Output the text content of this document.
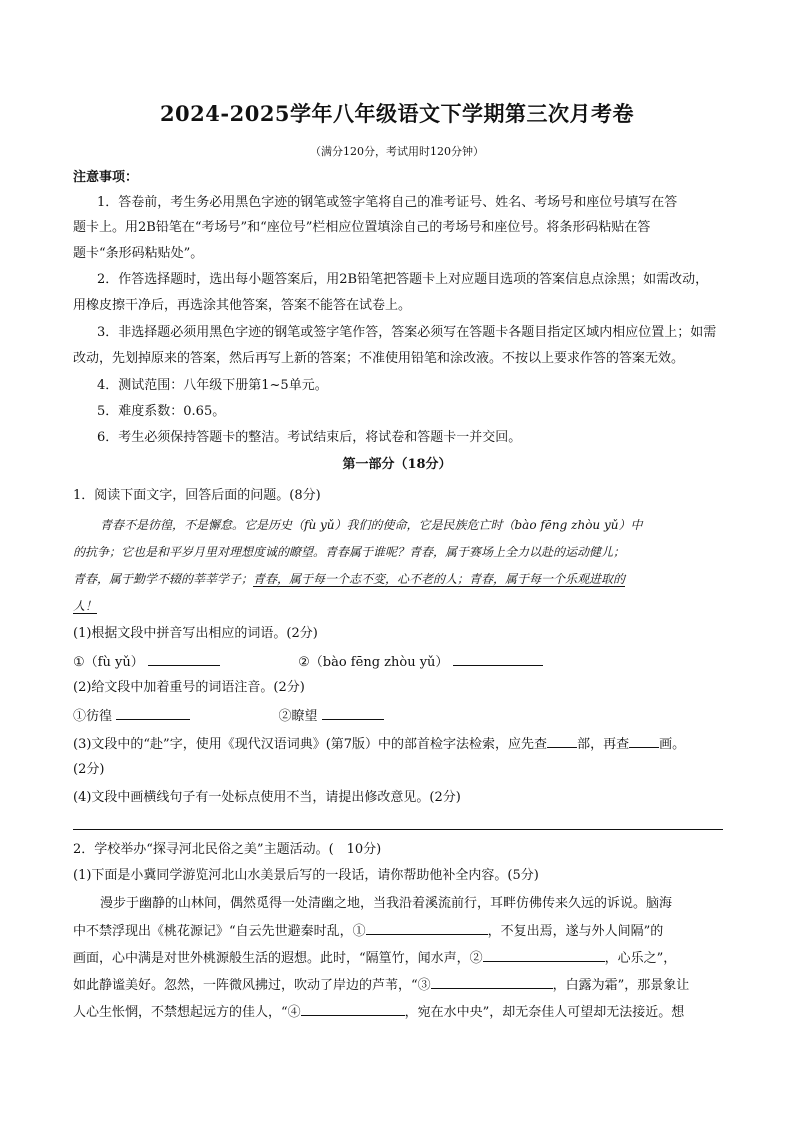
2024-2025学年八年级语文下学期第三次月考卷
（满分120分，考试用时120分钟）
注意事项：
1．答卷前，考生务必用黑色字迹的钢笔或签字笔将自己的准考证号、姓名、考场号和座位号填写在答
题卡上。用2B铅笔在“考场号”和“座位号”栏相应位置填涂自己的考场号和座位号。将条形码粘贴在答
题卡“条形码粘贴处”。
2．作答选择题时，选出每小题答案后，用2B铅笔把答题卡上对应题目选项的答案信息点涂黑；如需改动，
用橡皮擦干净后，再选涂其他答案，答案不能答在试卷上。
3．非选择题必须用黑色字迹的钢笔或签字笔作答，答案必须写在答题卡各题目指定区域内相应位置上；如需
改动，先划掉原来的答案，然后再写上新的答案；不准使用铅笔和涂改液。不按以上要求作答的答案无效。
4．测试范围：八年级下册第1~5单元。
5．难度系数：0.65。
6．考生必须保持答题卡的整洁。考试结束后，将试卷和答题卡一并交回。
第一部分（18分）
1．阅读下面文字，回答后面的问题。(8分)
青春不是彷徨，不是懈怠。它是历史（fù yǔ）我们的使命，它是民族危亡时（bào fēng zhòu yǔ）中
的抗争；它也是和平岁月里对理想度诚的瞭望。青春属于谁呢？青春，属于赛场上全力以赴的运动健儿；
青春，属于勤学不辍的莘莘学子；青春，属于每一个志不变，心不老的人；青春，属于每一个乐观进取的
人！
(1)根据文段中拼音写出相应的词语。(2分)
①（fù yǔ）	②（bào fēng zhòu yǔ）
(2)给文段中加着重号的词语注音。(2分)
①彷徨	②瞭望
(3)文段中的“赴”字，使用《现代汉语词典》(第7版）中的部首检字法检索，应先查 部，再查 画。
(2分)
(4)文段中画横线句子有一处标点使用不当，请提出修改意见。(2分)
2．学校举办“探寻河北民俗之美”主题活动。(　10分)
(1)下面是小冀同学游览河北山水美景后写的一段话，请你帮助他补全内容。(5分)
漫步于幽静的山林间，偶然觅得一处清幽之地，当我沿着溪流前行，耳畔仿佛传来久远的诉说。脑海
中不禁浮现出《桃花源记》“自云先世避秦时乱，①	，不复出焉，遂与外人间隔”的
画面，心中满是对世外桃源般生活的遐想。此时，“隔篁竹，闻水声，②	，心乐之”，
如此静谧美好。忽然，一阵微风拂过，吹动了岸边的芦苇，“③	，白露为霜”，那景象让
人心生怅惘，不禁想起远方的佳人，“④	，宛在水中央”，却无奈佳人可望却无法接近。想
